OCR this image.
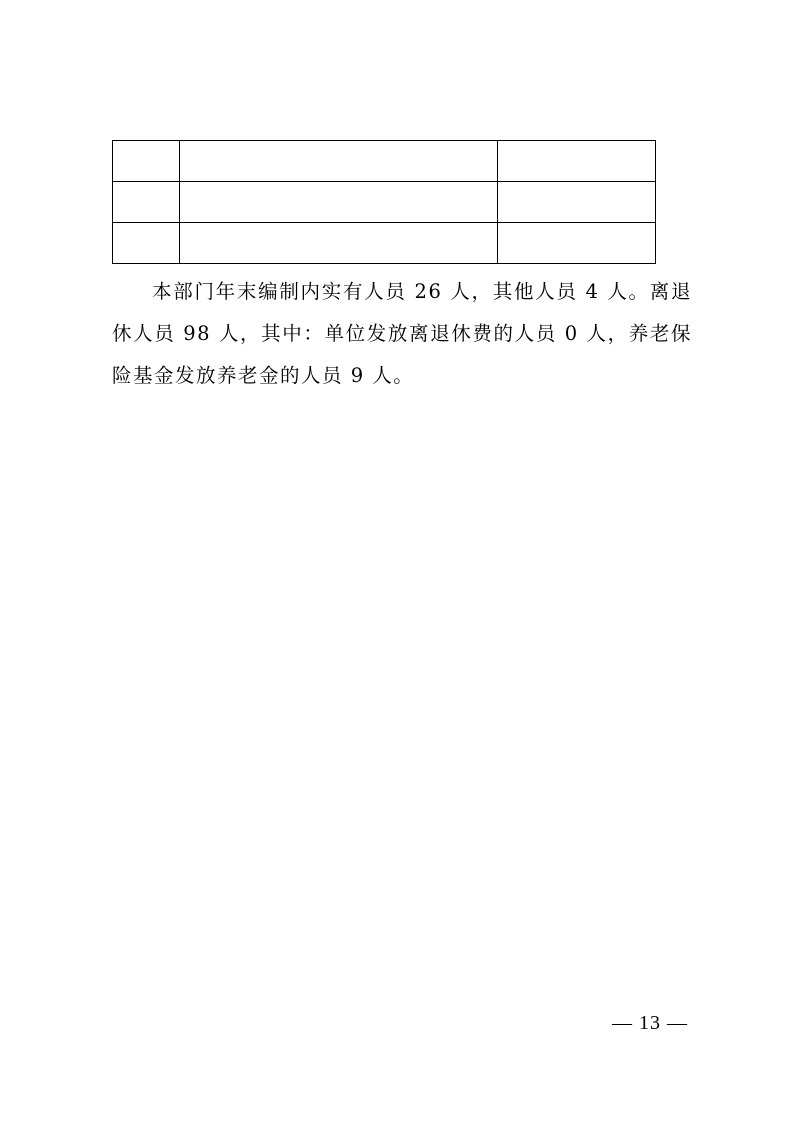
本部门年末编制内实有人员 26 人，其他人员 4 人。离退休人员 98 人，其中：单位发放离退休费的人员 0 人，养老保险基金发放养老金的人员 9 人。

— 13 —
